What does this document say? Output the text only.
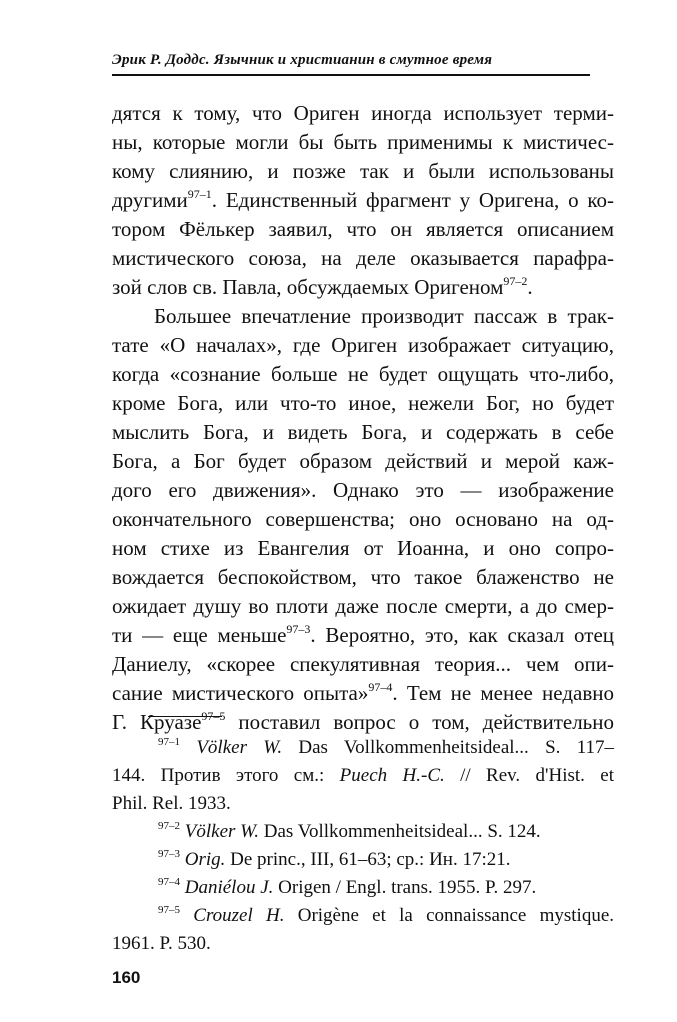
Эрик Р. Доддс. Язычник и христианин в смутное время
дятся к тому, что Ориген иногда использует терми-
ны, которые могли бы быть применимы к мистичес-
кому слиянию, и позже так и были использованы
другими$^{97-1}$. Единственный фрагмент у Оригена, о ко-
тором Фёлькер заявил, что он является описанием
мистического союза, на деле оказывается парафра-
зой слов св. Павла, обсуждаемых Оригеном$^{97-2}$.
Большее впечатление производит пассаж в трак-
тате «О началах», где Ориген изображает ситуацию,
когда «сознание больше не будет ощущать что-либо,
кроме Бога, или что-то иное, нежели Бог, но будет
мыслить Бога, и видеть Бога, и содержать в себе
Бога, а Бог будет образом действий и мерой каж-
дого его движения». Однако это — изображение
окончательного совершенства; оно основано на од-
ном стихе из Евангелия от Иоанна, и оно сопро-
вождается беспокойством, что такое блаженство не
ожидает душу во плоти даже после смерти, а до смер-
ти — еще меньше$^{97-3}$. Вероятно, это, как сказал отец
Даниелу, «скорее спекулятивная теория... чем опи-
сание мистического опыта»$^{97-4}$. Тем не менее недавно
Г. Круазе$^{97-5}$ поставил вопрос о том, действительно
$^{97-1}$ Völker W. Das Vollkommenheitsideal... S. 117–
144. Против этого см.: Puech H.-C. // Rev. d'Hist. et
Phil. Rel. 1933.
$^{97-2}$ Völker W. Das Vollkommenheitsideal... S. 124.
$^{97-3}$ Orig. De princ., III, 61–63; ср.: Ин. 17:21.
$^{97-4}$ Daniélou J. Origen / Engl. trans. 1955. P. 297.
$^{97-5}$ Crouzel H. Origène et la connaissance mystique.
1961. P. 530.
160
